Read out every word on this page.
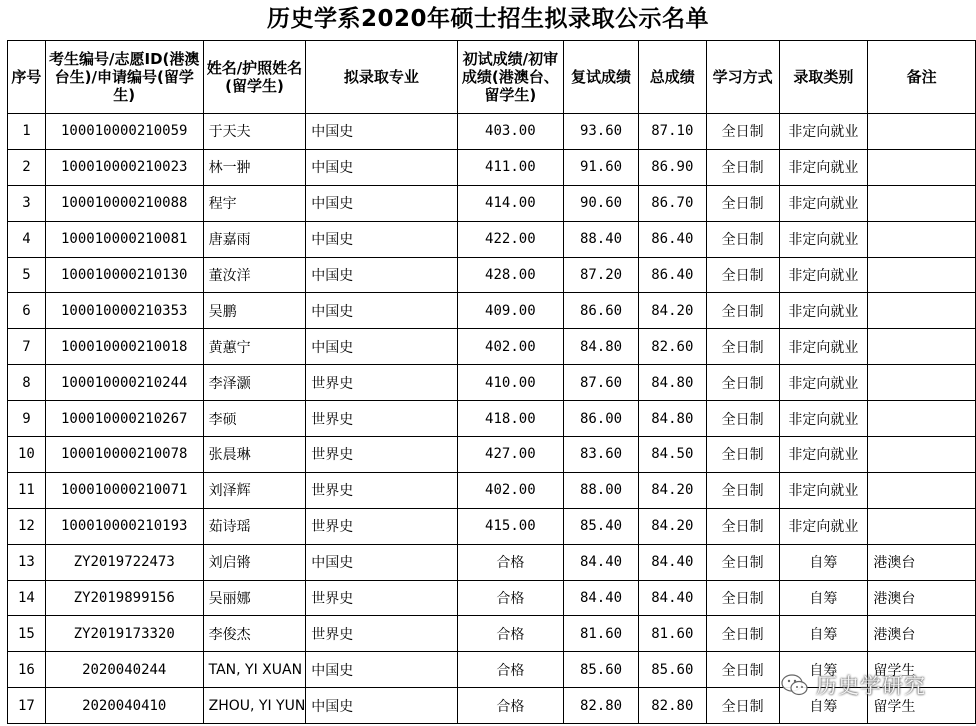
历史学系2020年硕士招生拟录取公示名单
序号	考生编号/志愿ID(港澳台生)/申请编号(留学生)	姓名/护照姓名(留学生)	拟录取专业	初试成绩/初审成绩(港澳台、留学生)	复试成绩	总成绩	学习方式	录取类别	备注
1	100010000210059	于天夫	中国史	403.00	93.60	87.10	全日制	非定向就业	
2	100010000210023	林一翀	中国史	411.00	91.60	86.90	全日制	非定向就业	
3	100010000210088	程宇	中国史	414.00	90.60	86.70	全日制	非定向就业	
4	100010000210081	唐嘉雨	中国史	422.00	88.40	86.40	全日制	非定向就业	
5	100010000210130	董汝洋	中国史	428.00	87.20	86.40	全日制	非定向就业	
6	100010000210353	吴鹏	中国史	409.00	86.60	84.20	全日制	非定向就业	
7	100010000210018	黄蕙宁	中国史	402.00	84.80	82.60	全日制	非定向就业	
8	100010000210244	李泽灏	世界史	410.00	87.60	84.80	全日制	非定向就业	
9	100010000210267	李硕	世界史	418.00	86.00	84.80	全日制	非定向就业	
10	100010000210078	张晨琳	世界史	427.00	83.60	84.50	全日制	非定向就业	
11	100010000210071	刘泽辉	世界史	402.00	88.00	84.20	全日制	非定向就业	
12	100010000210193	茹诗瑶	世界史	415.00	85.40	84.20	全日制	非定向就业	
13	ZY2019722473	刘启锵	中国史	合格	84.40	84.40	全日制	自筹	港澳台
14	ZY2019899156	吴丽娜	世界史	合格	84.40	84.40	全日制	自筹	港澳台
15	ZY2019173320	李俊杰	世界史	合格	81.60	81.60	全日制	自筹	港澳台
16	2020040244	TAN, YI XUAN	中国史	合格	85.60	85.60	全日制	自筹	留学生
17	2020040410	ZHOU, YI YUN	中国史	合格	82.80	82.80	全日制	自筹	留学生
历史学研究
